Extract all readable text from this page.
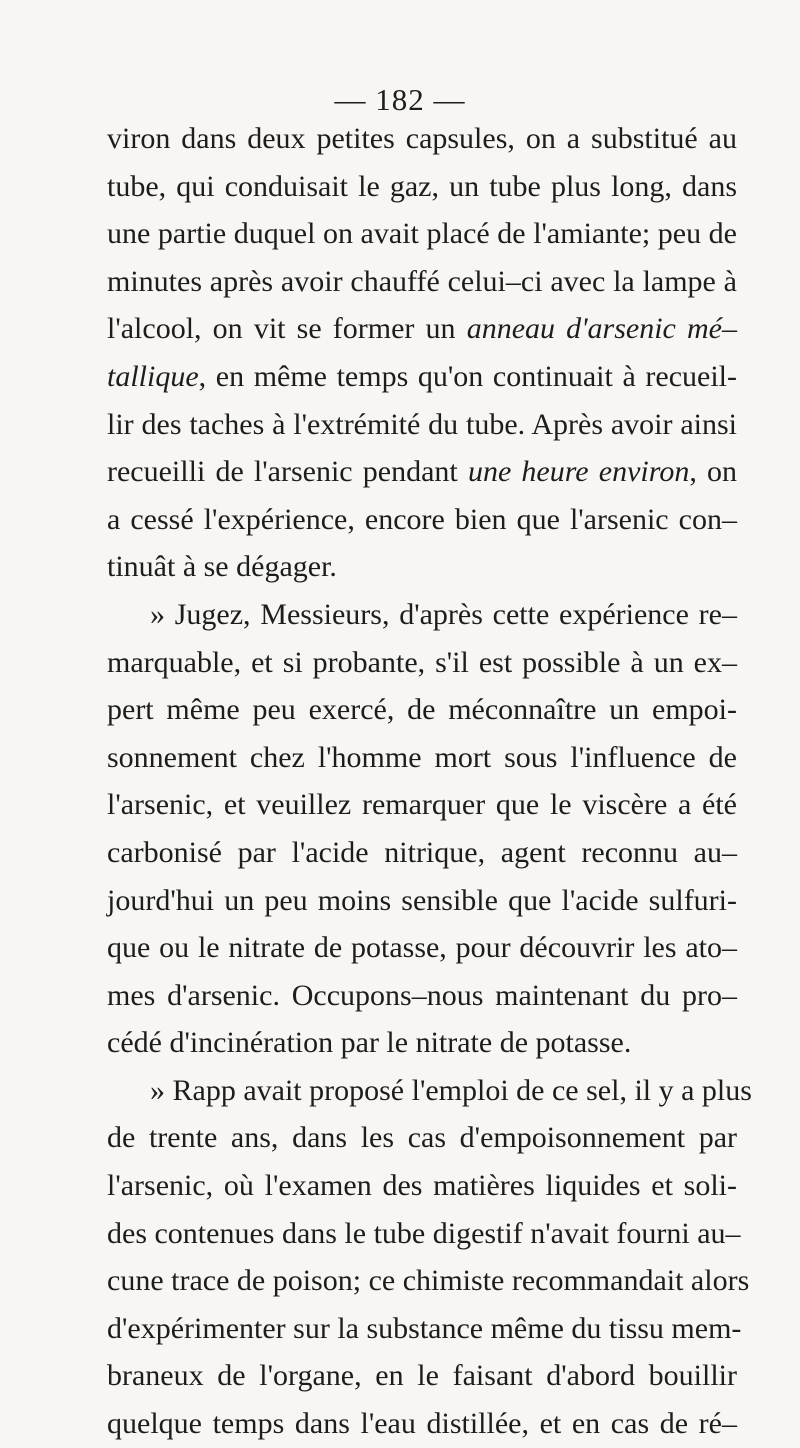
— 182 —
viron dans deux petites capsules, on a substitué au
tube, qui conduisait le gaz, un tube plus long, dans
une partie duquel on avait placé de l'amiante; peu de
minutes après avoir chauffé celui–ci avec la lampe à
l'alcool, on vit se former un anneau d'arsenic mé–
tallique, en même temps qu'on continuait à recueil-
lir des taches à l'extrémité du tube. Après avoir ainsi
recueilli de l'arsenic pendant une heure environ, on
a cessé l'expérience, encore bien que l'arsenic con–
tinuât à se dégager.
» Jugez, Messieurs, d'après cette expérience re–
marquable, et si probante, s'il est possible à un ex–
pert même peu exercé, de méconnaître un empoi-
sonnement chez l'homme mort sous l'influence de
l'arsenic, et veuillez remarquer que le viscère a été
carbonisé par l'acide nitrique, agent reconnu au–
jourd'hui un peu moins sensible que l'acide sulfuri-
que ou le nitrate de potasse, pour découvrir les ato–
mes d'arsenic. Occupons–nous maintenant du pro–
cédé d'incinération par le nitrate de potasse.
» Rapp avait proposé l'emploi de ce sel, il y a plus
de trente ans, dans les cas d'empoisonnement par
l'arsenic, où l'examen des matières liquides et soli-
des contenues dans le tube digestif n'avait fourni au–
cune trace de poison; ce chimiste recommandait alors
d'expérimenter sur la substance même du tissu mem-
braneux de l'organe, en le faisant d'abord bouillir
quelque temps dans l'eau distillée, et en cas de ré–
